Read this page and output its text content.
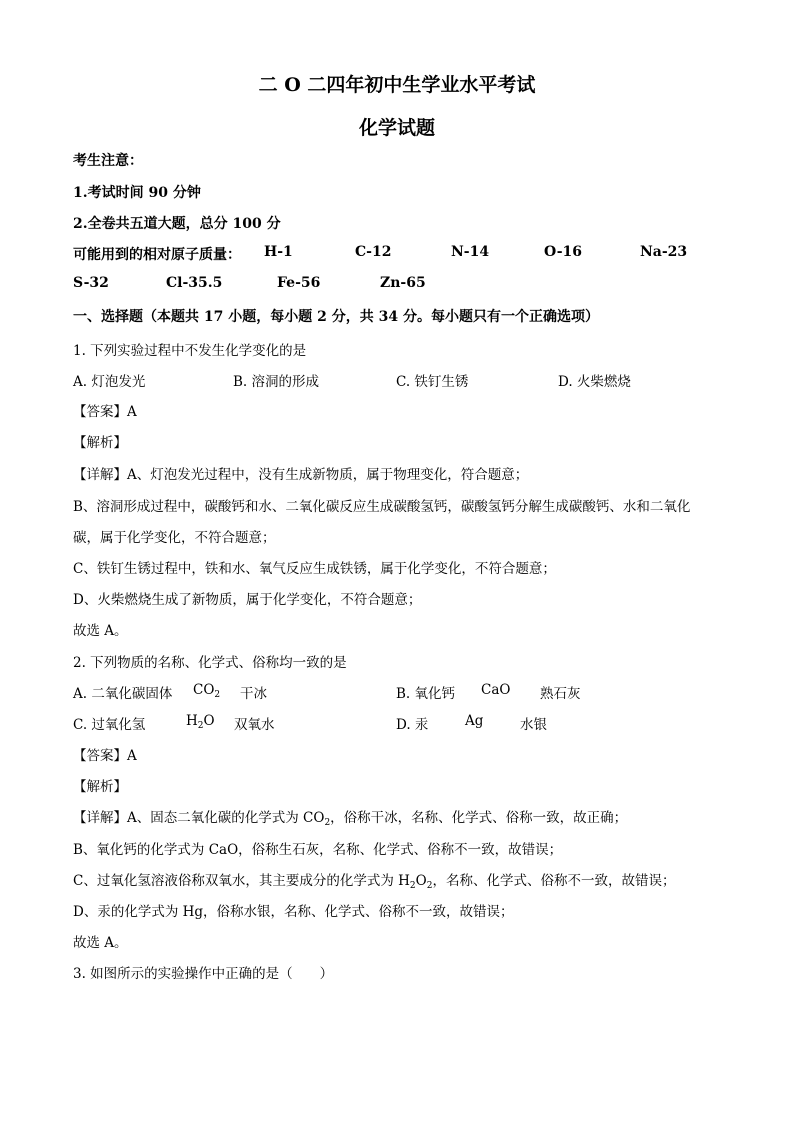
二 O 二四年初中生学业水平考试
化学试题
考生注意：
1.考试时间 90 分钟
2.全卷共五道大题，总分 100 分
可能用到的相对原子质量： H-1	C-12	N-14	O-16	Na-23
S-32	Cl-35.5	Fe-56	Zn-65
一、选择题（本题共 17 小题，每小题 2 分，共 34 分。每小题只有一个正确选项）
1. 下列实验过程中不发生化学变化的是
A. 灯泡发光	B. 溶洞的形成	C. 铁钉生锈	D. 火柴燃烧
【答案】A
【解析】
【详解】A、灯泡发光过程中，没有生成新物质，属于物理变化，符合题意；
B、溶洞形成过程中，碳酸钙和水、二氧化碳反应生成碳酸氢钙，碳酸氢钙分解生成碳酸钙、水和二氧化
碳，属于化学变化，不符合题意；
C、铁钉生锈过程中，铁和水、氧气反应生成铁锈，属于化学变化，不符合题意；
D、火柴燃烧生成了新物质，属于化学变化，不符合题意；
故选 A。
2. 下列物质的名称、化学式、俗称均一致的是
A. 二氧化碳固体 $CO_2$ 干冰	B. 氧化钙 CaO 熟石灰
C. 过氧化氢	$H_2O$ 双氧水	D. 汞	Ag	水银
【答案】A
【解析】
【详解】A、固态二氧化碳的化学式为 $CO_2$，俗称干冰，名称、化学式、俗称一致，故正确；
B、氧化钙的化学式为 CaO，俗称生石灰，名称、化学式、俗称不一致，故错误；
C、过氧化氢溶液俗称双氧水，其主要成分的化学式为 $H_2O_2$，名称、化学式、俗称不一致，故错误；
D、汞的化学式为 Hg，俗称水银，名称、化学式、俗称不一致，故错误；
故选 A。
3. 如图所示的实验操作中正确的是（　　）
